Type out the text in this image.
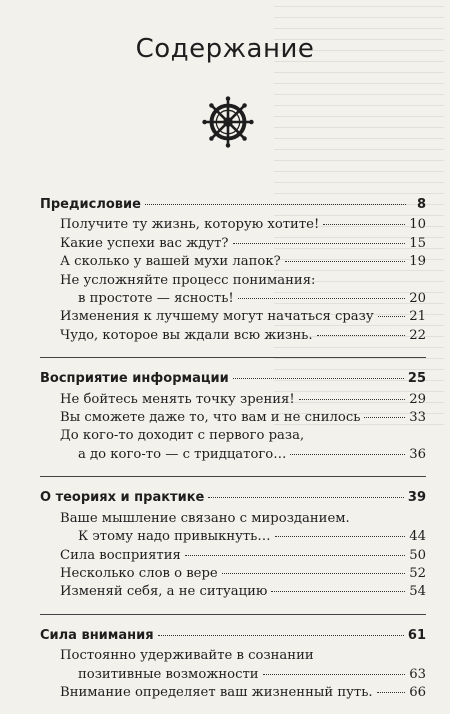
Содержание
Предисловие	8
Получите ту жизнь, которую хотите!	10
Какие успехи вас ждут?	15
А сколько у вашей мухи лапок?	19
Не усложняйте процесс понимания:
в простоте — ясность!	20
Изменения к лучшему могут начаться сразу	21
Чудо, которое вы ждали всю жизнь.	22
Восприятие информации	25
Не бойтесь менять точку зрения!	29
Вы сможете даже то, что вам и не снилось	33
До кого-то доходит с первого раза,
а до кого-то — с тридцатого…	36
О теориях и практике	39
Ваше мышление связано с мирозданием.
К этому надо привыкнуть…	44
Сила восприятия	50
Несколько слов о вере	52
Изменяй себя, а не ситуацию	54
Сила внимания	61
Постоянно удерживайте в сознании
позитивные возможности	63
Внимание определяет ваш жизненный путь.	66
